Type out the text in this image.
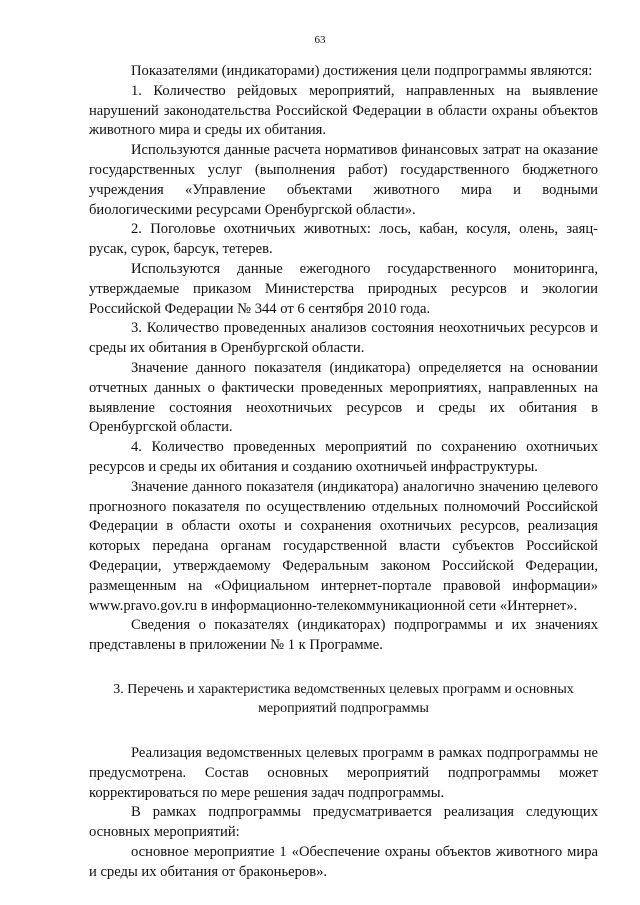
63

Показателями (индикаторами) достижения цели подпрограммы являются:

1. Количество рейдовых мероприятий, направленных на выявление нарушений законодательства Российской Федерации в области охраны объектов животного мира и среды их обитания.

Используются данные расчета нормативов финансовых затрат на оказание государственных услуг (выполнения работ) государственного бюджетного учреждения «Управление объектами животного мира и водными биологическими ресурсами Оренбургской области».

2. Поголовье охотничьих животных: лось, кабан, косуля, олень, заяц-русак, сурок, барсук, тетерев.

Используются данные ежегодного государственного мониторинга, утверждаемые приказом Министерства природных ресурсов и экологии Российской Федерации № 344 от 6 сентября 2010 года.

3. Количество проведенных анализов состояния неохотничьих ресурсов и среды их обитания в Оренбургской области.

Значение данного показателя (индикатора) определяется на основании отчетных данных о фактически проведенных мероприятиях, направленных на выявление состояния неохотничьих ресурсов и среды их обитания в Оренбургской области.

4. Количество проведенных мероприятий по сохранению охотничьих ресурсов и среды их обитания и созданию охотничьей инфраструктуры.

Значение данного показателя (индикатора) аналогично значению целевого прогнозного показателя по осуществлению отдельных полномочий Российской Федерации в области охоты и сохранения охотничьих ресурсов, реализация которых передана органам государственной власти субъектов Российской Федерации, утверждаемому Федеральным законом Российской Федерации, размещенным на «Официальном интернет-портале правовой информации» www.pravo.gov.ru в информационно-телекоммуникационной сети «Интернет».

Сведения о показателях (индикаторах) подпрограммы и их значениях представлены в приложении № 1 к Программе.

3. Перечень и характеристика ведомственных целевых программ и основных
мероприятий подпрограммы

Реализация ведомственных целевых программ в рамках подпрограммы не предусмотрена. Состав основных мероприятий подпрограммы может корректироваться по мере решения задач подпрограммы.

В рамках подпрограммы предусматривается реализация следующих основных мероприятий:

основное мероприятие 1 «Обеспечение охраны объектов животного мира и среды их обитания от браконьеров».
